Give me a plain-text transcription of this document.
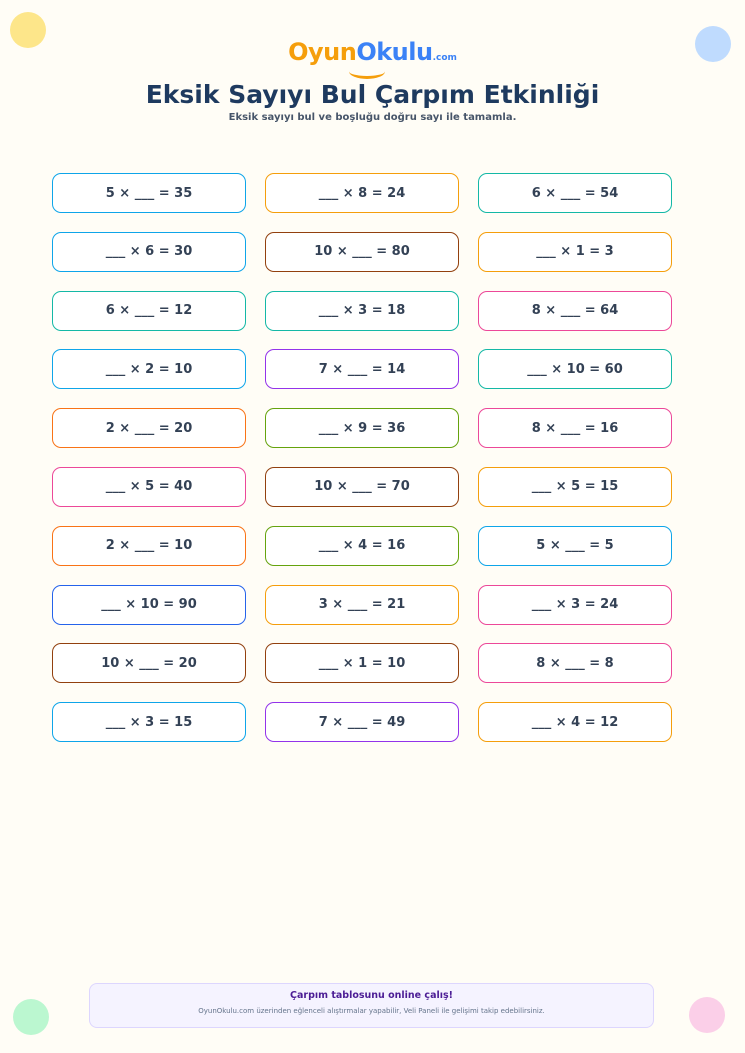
OyunOkulu.com
Eksik Sayıyı Bul Çarpım Etkinliği
Eksik sayıyı bul ve boşluğu doğru sayı ile tamamla.
5 × ___ = 35	___ × 8 = 24	6 × ___ = 54
___ × 6 = 30	10 × ___ = 80	___ × 1 = 3
6 × ___ = 12	___ × 3 = 18	8 × ___ = 64
___ × 2 = 10	7 × ___ = 14	___ × 10 = 60
2 × ___ = 20	___ × 9 = 36	8 × ___ = 16
___ × 5 = 40	10 × ___ = 70	___ × 5 = 15
2 × ___ = 10	___ × 4 = 16	5 × ___ = 5
___ × 10 = 90	3 × ___ = 21	___ × 3 = 24
10 × ___ = 20	___ × 1 = 10	8 × ___ = 8
___ × 3 = 15	7 × ___ = 49	___ × 4 = 12
Çarpım tablosunu online çalış!
OyunOkulu.com üzerinden eğlenceli alıştırmalar yapabilir, Veli Paneli ile gelişimi takip edebilirsiniz.
